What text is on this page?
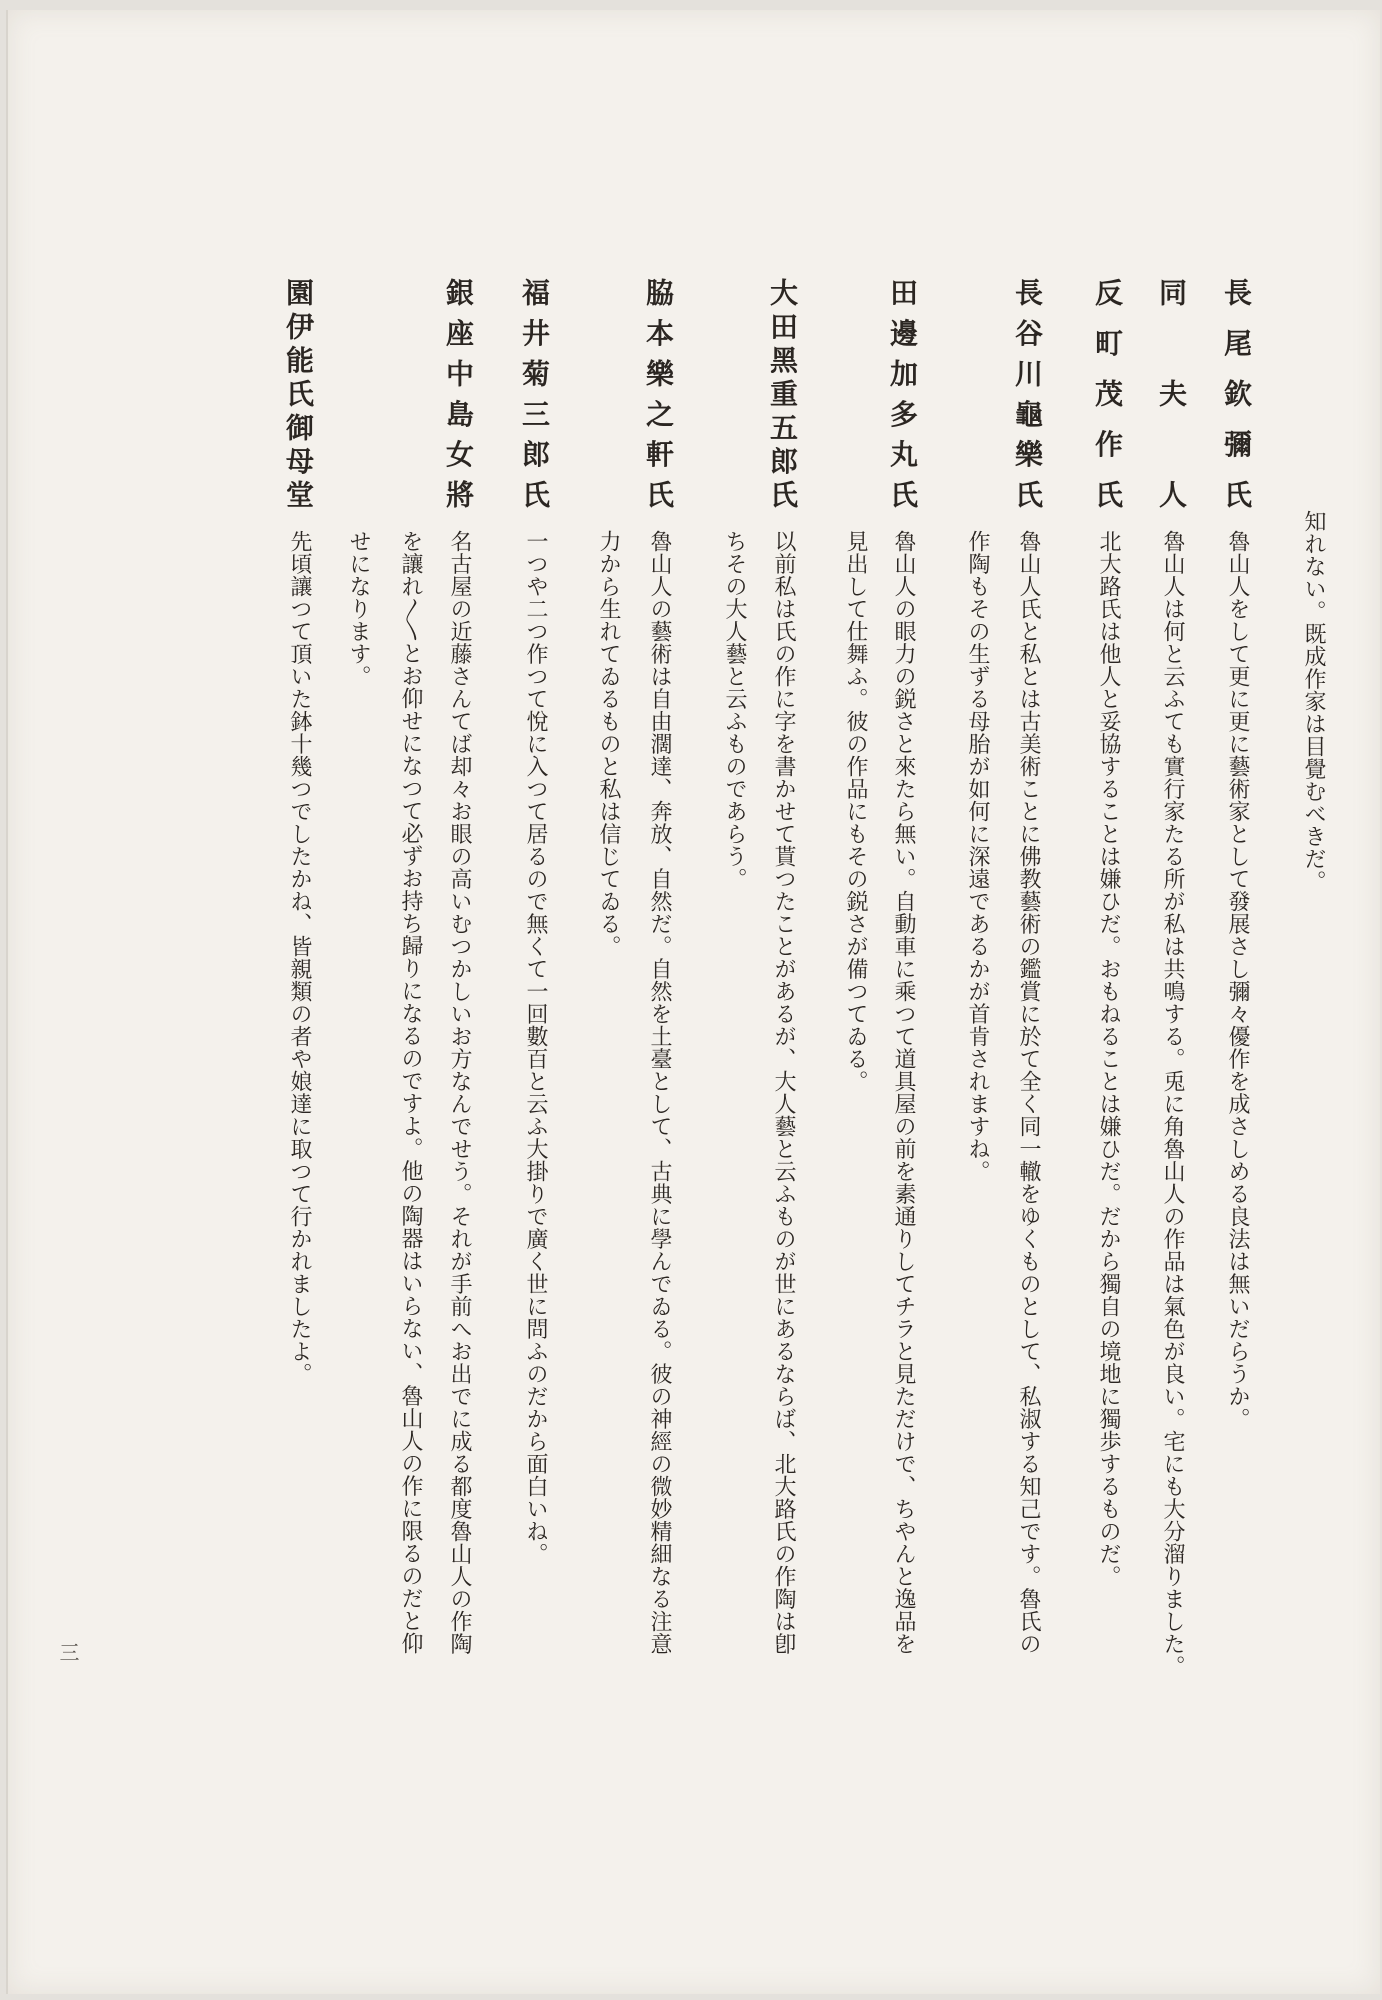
知れない。既成作家は目覺むべきだ。

長尾欽彌氏

魯山人をして更に更に藝術家として發展さし彌々優作を成さしめる良法は無いだらうか。

同夫人

魯山人は何と云ふても實行家たる所が私は共鳴する。兎に角魯山人の作品は氣色が良い。宅にも大分溜りました。

反町茂作氏

北大路氏は他人と妥協することは嫌ひだ。おもねることは嫌ひだ。だから獨自の境地に獨歩するものだ。

長谷川龜樂氏

魯山人氏と私とは古美術ことに佛教藝術の鑑賞に於て全く同一轍をゆくものとして、私淑する知己です。魯氏の

作陶もその生ずる母胎が如何に深遠であるかが首肯されますね。

田邊加多丸氏

魯山人の眼力の鋭さと來たら無い。自動車に乘つて道具屋の前を素通りしてチラと見ただけで、ちやんと逸品を

見出して仕舞ふ。彼の作品にもその鋭さが備つてゐる。

大田黑重五郎氏

以前私は氏の作に字を書かせて貰つたことがあるが、大人藝と云ふものが世にあるならば、北大路氏の作陶は卽

ちその大人藝と云ふものであらう。

脇本樂之軒氏

魯山人の藝術は自由濶達、奔放、自然だ。自然を土臺として、古典に學んでゐる。彼の神經の微妙精細なる注意

力から生れてゐるものと私は信じてゐる。

福井菊三郎氏

一つや二つ作つて悅に入つて居るので無くて一回數百と云ふ大掛りで廣く世に問ふのだから面白いね。

銀座中島女將

名古屋の近藤さんてば却々お眼の高いむつかしいお方なんでせう。それが手前へお出でに成る都度魯山人の作陶

を讓れ〳〵とお仰せになつて必ずお持ち歸りになるのですよ。他の陶器はいらない、魯山人の作に限るのだと仰

せになります。

園伊能氏御母堂

先頃讓つて頂いた鉢十幾つでしたかね、皆親類の者や娘達に取つて行かれましたよ。

三
